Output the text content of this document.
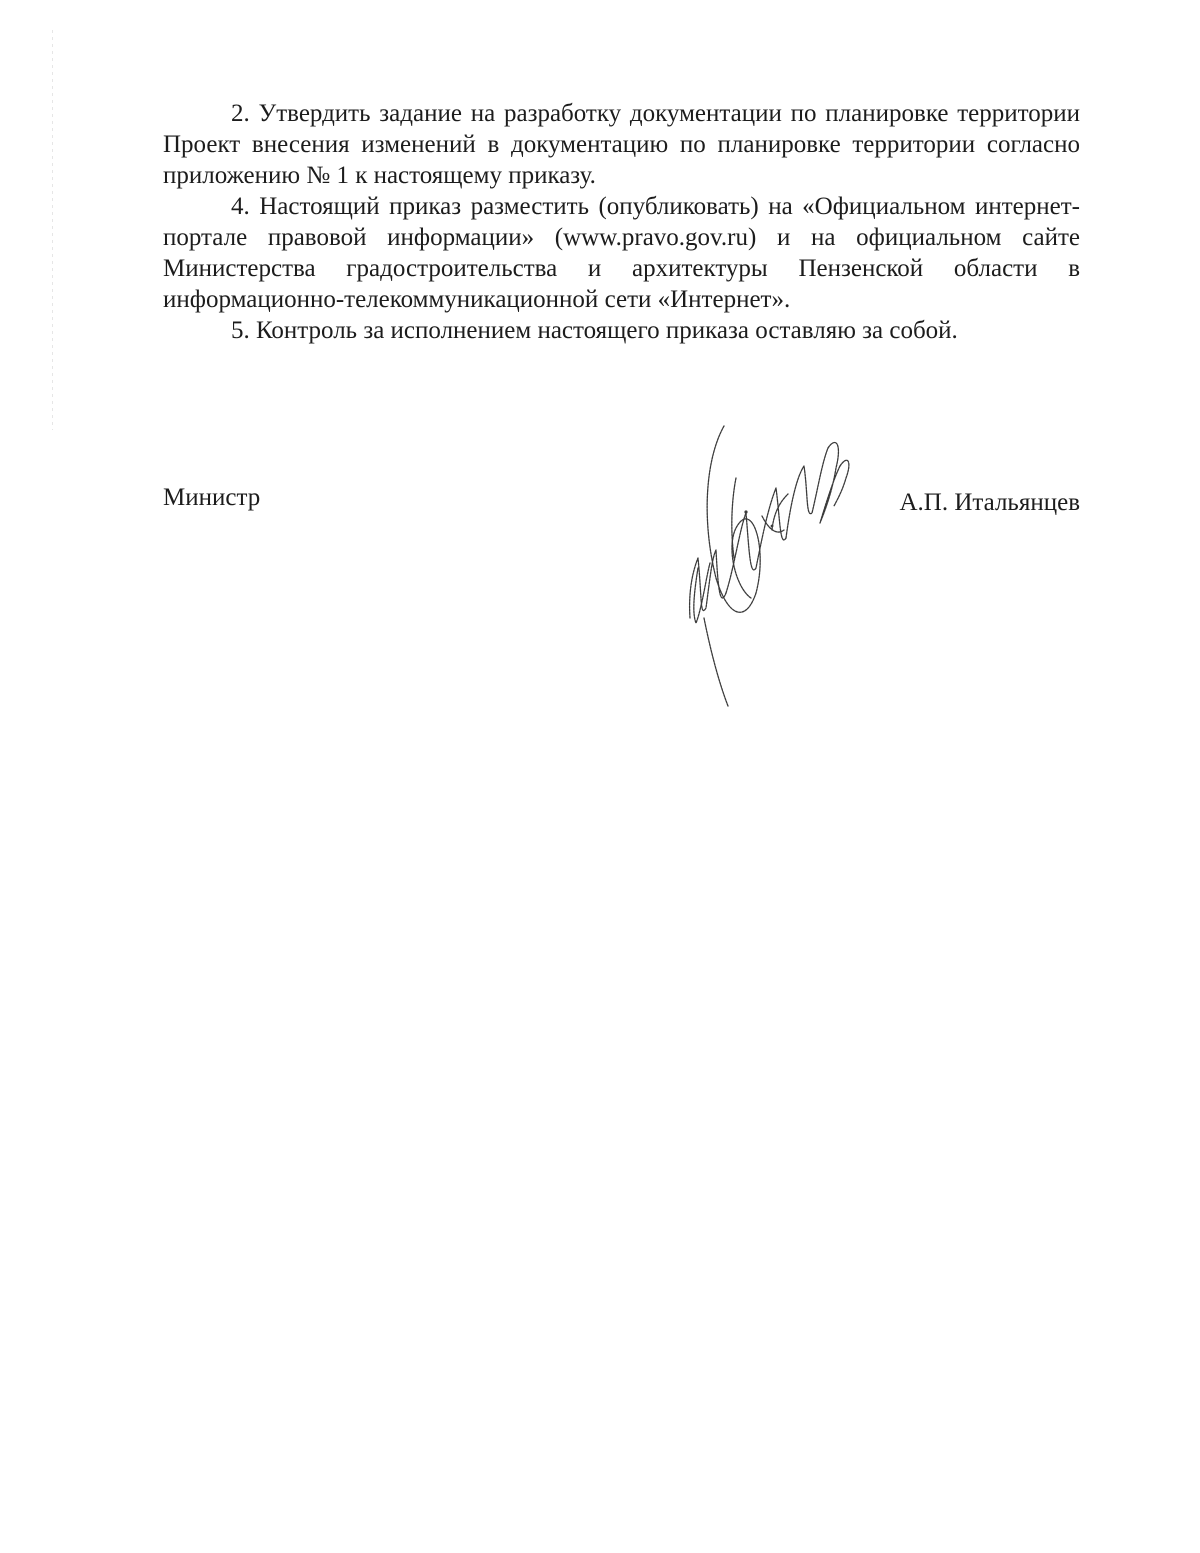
2. Утвердить задание на разработку документации по планировке территории Проект внесения изменений в документацию по планировке территории согласно приложению № 1 к настоящему приказу.

4. Настоящий приказ разместить (опубликовать) на «Официальном интернет-портале правовой информации» (www.pravo.gov.ru) и на официальном сайте Министерства градостроительства и архитектуры Пензенской области в информационно-телекоммуникационной сети «Интернет».

5. Контроль за исполнением настоящего приказа оставляю за собой.

Министр	А.П. Итальянцев
